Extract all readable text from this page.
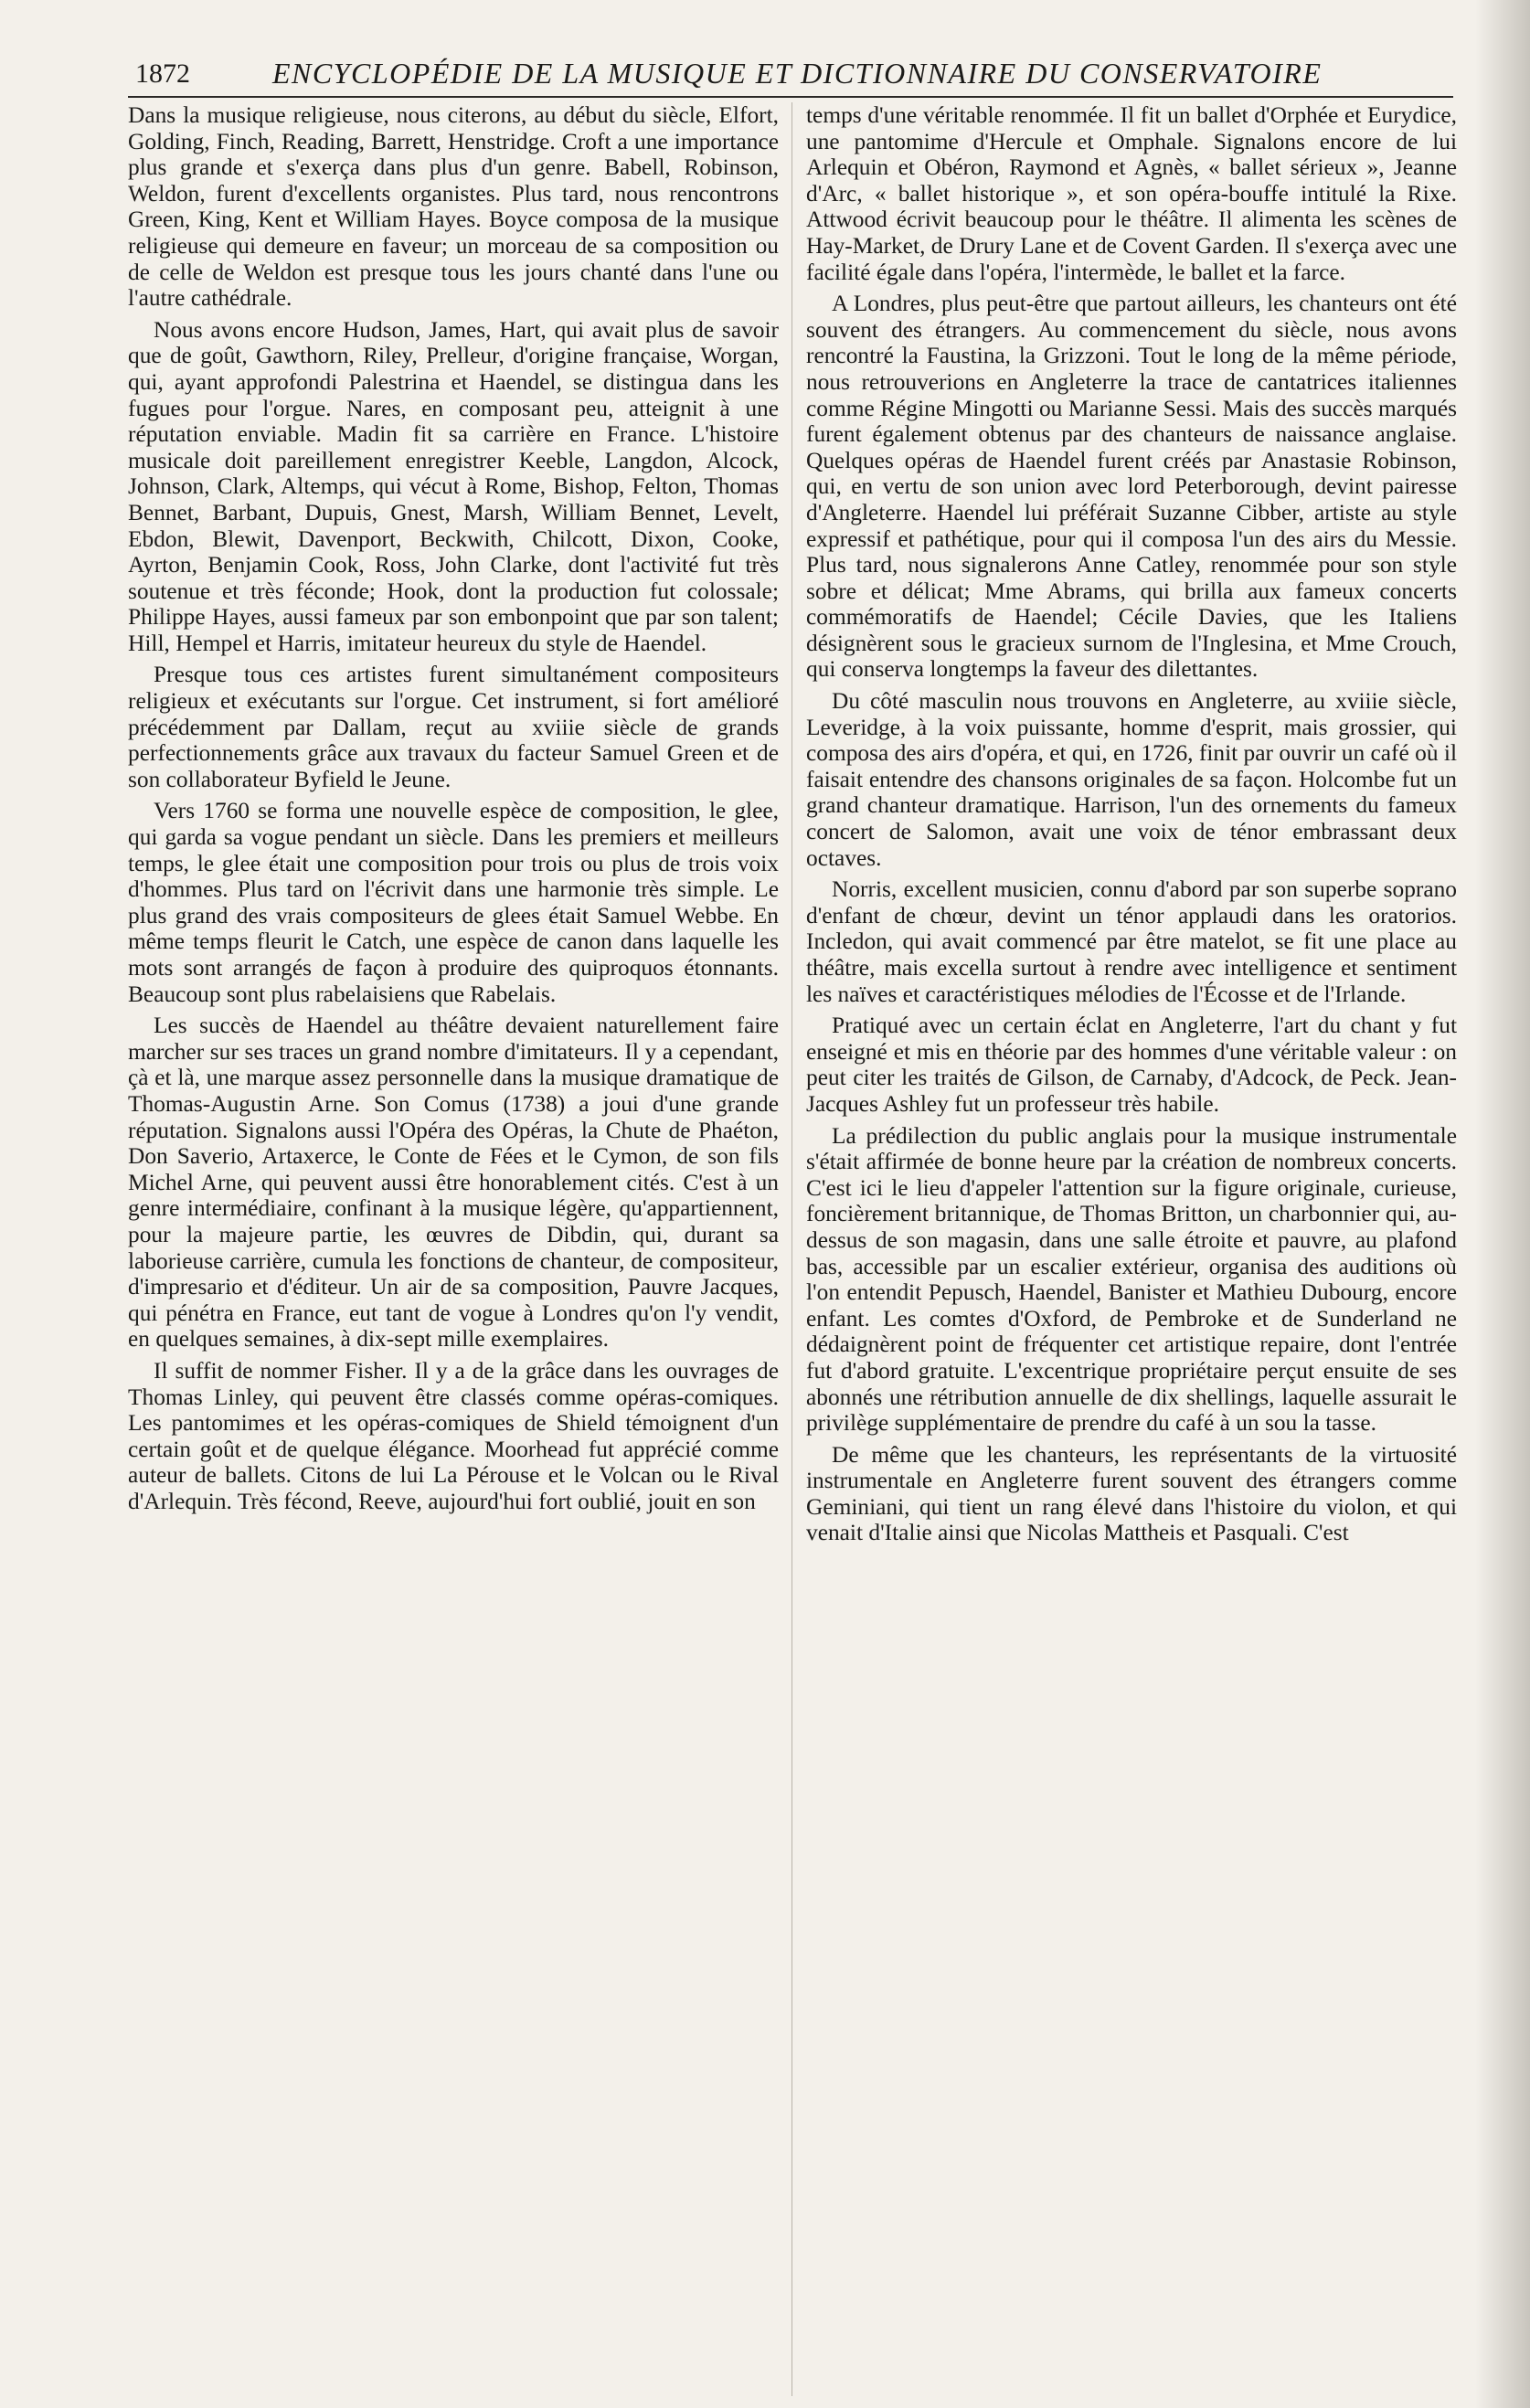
1872	ENCYCLOPÉDIE DE LA MUSIQUE ET DICTIONNAIRE DU CONSERVATOIRE

Dans la musique religieuse, nous citerons, au début du siècle, Elfort, Golding, Finch, Reading, Barrett, Henstridge. Croft a une importance plus grande et s'exerça dans plus d'un genre. Babell, Robinson, Weldon, furent d'excellents organistes. Plus tard, nous rencontrons Green, King, Kent et William Hayes. Boyce composa de la musique religieuse qui demeure en faveur; un morceau de sa composition ou de celle de Weldon est presque tous les jours chanté dans l'une ou l'autre cathédrale.

Nous avons encore Hudson, James, Hart, qui avait plus de savoir que de goût, Gawthorn, Riley, Prelleur, d'origine française, Worgan, qui, ayant approfondi Palestrina et Haendel, se distingua dans les fugues pour l'orgue. Nares, en composant peu, atteignit à une réputation enviable. Madin fit sa carrière en France. L'histoire musicale doit pareillement enregistrer Keeble, Langdon, Alcock, Johnson, Clark, Altemps, qui vécut à Rome, Bishop, Felton, Thomas Bennet, Barbant, Dupuis, Gnest, Marsh, William Bennet, Levelt, Ebdon, Blewit, Davenport, Beckwith, Chilcott, Dixon, Cooke, Ayrton, Benjamin Cook, Ross, John Clarke, dont l'activité fut très soutenue et très féconde; Hook, dont la production fut colossale; Philippe Hayes, aussi fameux par son embonpoint que par son talent; Hill, Hempel et Harris, imitateur heureux du style de Haendel.

Presque tous ces artistes furent simultanément compositeurs religieux et exécutants sur l'orgue. Cet instrument, si fort amélioré précédemment par Dallam, reçut au xviiie siècle de grands perfectionnements grâce aux travaux du facteur Samuel Green et de son collaborateur Byfield le Jeune.

Vers 1760 se forma une nouvelle espèce de composition, le glee, qui garda sa vogue pendant un siècle. Dans les premiers et meilleurs temps, le glee était une composition pour trois ou plus de trois voix d'hommes. Plus tard on l'écrivit dans une harmonie très simple. Le plus grand des vrais compositeurs de glees était Samuel Webbe. En même temps fleurit le Catch, une espèce de canon dans laquelle les mots sont arrangés de façon à produire des quiproquos étonnants. Beaucoup sont plus rabelaisiens que Rabelais.

Les succès de Haendel au théâtre devaient naturellement faire marcher sur ses traces un grand nombre d'imitateurs. Il y a cependant, çà et là, une marque assez personnelle dans la musique dramatique de Thomas-Augustin Arne. Son Comus (1738) a joui d'une grande réputation. Signalons aussi l'Opéra des Opéras, la Chute de Phaéton, Don Saverio, Artaxerce, le Conte de Fées et le Cymon, de son fils Michel Arne, qui peuvent aussi être honorablement cités. C'est à un genre intermédiaire, confinant à la musique légère, qu'appartiennent, pour la majeure partie, les œuvres de Dibdin, qui, durant sa laborieuse carrière, cumula les fonctions de chanteur, de compositeur, d'impresario et d'éditeur. Un air de sa composition, Pauvre Jacques, qui pénétra en France, eut tant de vogue à Londres qu'on l'y vendit, en quelques semaines, à dix-sept mille exemplaires.

Il suffit de nommer Fisher. Il y a de la grâce dans les ouvrages de Thomas Linley, qui peuvent être classés comme opéras-comiques. Les pantomimes et les opéras-comiques de Shield témoignent d'un certain goût et de quelque élégance. Moorhead fut apprécié comme auteur de ballets. Citons de lui La Pérouse et le Volcan ou le Rival d'Arlequin. Très fécond, Reeve, aujourd'hui fort oublié, jouit en son

temps d'une véritable renommée. Il fit un ballet d'Orphée et Eurydice, une pantomime d'Hercule et Omphale. Signalons encore de lui Arlequin et Obéron, Raymond et Agnès, « ballet sérieux », Jeanne d'Arc, « ballet historique », et son opéra-bouffe intitulé la Rixe. Attwood écrivit beaucoup pour le théâtre. Il alimenta les scènes de Hay-Market, de Drury Lane et de Covent Garden. Il s'exerça avec une facilité égale dans l'opéra, l'intermède, le ballet et la farce.

A Londres, plus peut-être que partout ailleurs, les chanteurs ont été souvent des étrangers. Au commencement du siècle, nous avons rencontré la Faustina, la Grizzoni. Tout le long de la même période, nous retrouverions en Angleterre la trace de cantatrices italiennes comme Régine Mingotti ou Marianne Sessi. Mais des succès marqués furent également obtenus par des chanteurs de naissance anglaise. Quelques opéras de Haendel furent créés par Anastasie Robinson, qui, en vertu de son union avec lord Peterborough, devint pairesse d'Angleterre. Haendel lui préférait Suzanne Cibber, artiste au style expressif et pathétique, pour qui il composa l'un des airs du Messie. Plus tard, nous signalerons Anne Catley, renommée pour son style sobre et délicat; Mme Abrams, qui brilla aux fameux concerts commémoratifs de Haendel; Cécile Davies, que les Italiens désignèrent sous le gracieux surnom de l'Inglesina, et Mme Crouch, qui conserva longtemps la faveur des dilettantes.

Du côté masculin nous trouvons en Angleterre, au xviiie siècle, Leveridge, à la voix puissante, homme d'esprit, mais grossier, qui composa des airs d'opéra, et qui, en 1726, finit par ouvrir un café où il faisait entendre des chansons originales de sa façon. Holcombe fut un grand chanteur dramatique. Harrison, l'un des ornements du fameux concert de Salomon, avait une voix de ténor embrassant deux octaves.

Norris, excellent musicien, connu d'abord par son superbe soprano d'enfant de chœur, devint un ténor applaudi dans les oratorios. Incledon, qui avait commencé par être matelot, se fit une place au théâtre, mais excella surtout à rendre avec intelligence et sentiment les naïves et caractéristiques mélodies de l'Écosse et de l'Irlande.

Pratiqué avec un certain éclat en Angleterre, l'art du chant y fut enseigné et mis en théorie par des hommes d'une véritable valeur : on peut citer les traités de Gilson, de Carnaby, d'Adcock, de Peck. Jean-Jacques Ashley fut un professeur très habile.

La prédilection du public anglais pour la musique instrumentale s'était affirmée de bonne heure par la création de nombreux concerts. C'est ici le lieu d'appeler l'attention sur la figure originale, curieuse, foncièrement britannique, de Thomas Britton, un charbonnier qui, au-dessus de son magasin, dans une salle étroite et pauvre, au plafond bas, accessible par un escalier extérieur, organisa des auditions où l'on entendit Pepusch, Haendel, Banister et Mathieu Dubourg, encore enfant. Les comtes d'Oxford, de Pembroke et de Sunderland ne dédaignèrent point de fréquenter cet artistique repaire, dont l'entrée fut d'abord gratuite. L'excentrique propriétaire perçut ensuite de ses abonnés une rétribution annuelle de dix shellings, laquelle assurait le privilège supplémentaire de prendre du café à un sou la tasse.

De même que les chanteurs, les représentants de la virtuosité instrumentale en Angleterre furent souvent des étrangers comme Geminiani, qui tient un rang élevé dans l'histoire du violon, et qui venait d'Italie ainsi que Nicolas Mattheis et Pasquali. C'est
